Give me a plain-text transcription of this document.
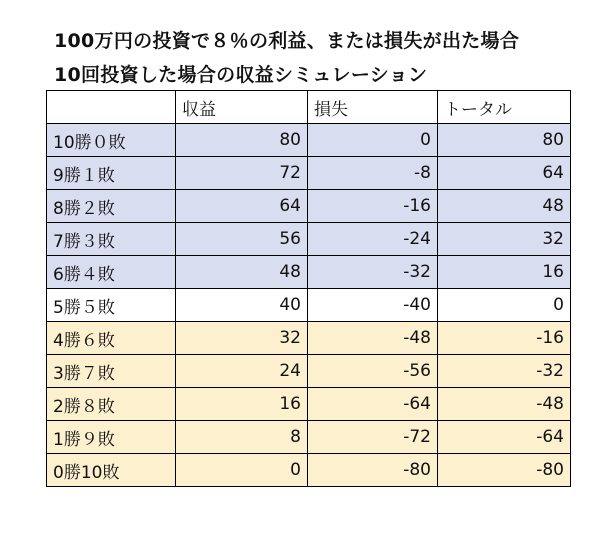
100万円の投資で８％の利益、または損失が出た場合
10回投資した場合の収益シミュレーション
	収益	損失	トータル
10勝０敗	80	0	80
9勝１敗	72	-8	64
8勝２敗	64	-16	48
7勝３敗	56	-24	32
6勝４敗	48	-32	16
5勝５敗	40	-40	0
4勝６敗	32	-48	-16
3勝７敗	24	-56	-32
2勝８敗	16	-64	-48
1勝９敗	8	-72	-64
0勝10敗	0	-80	-80
